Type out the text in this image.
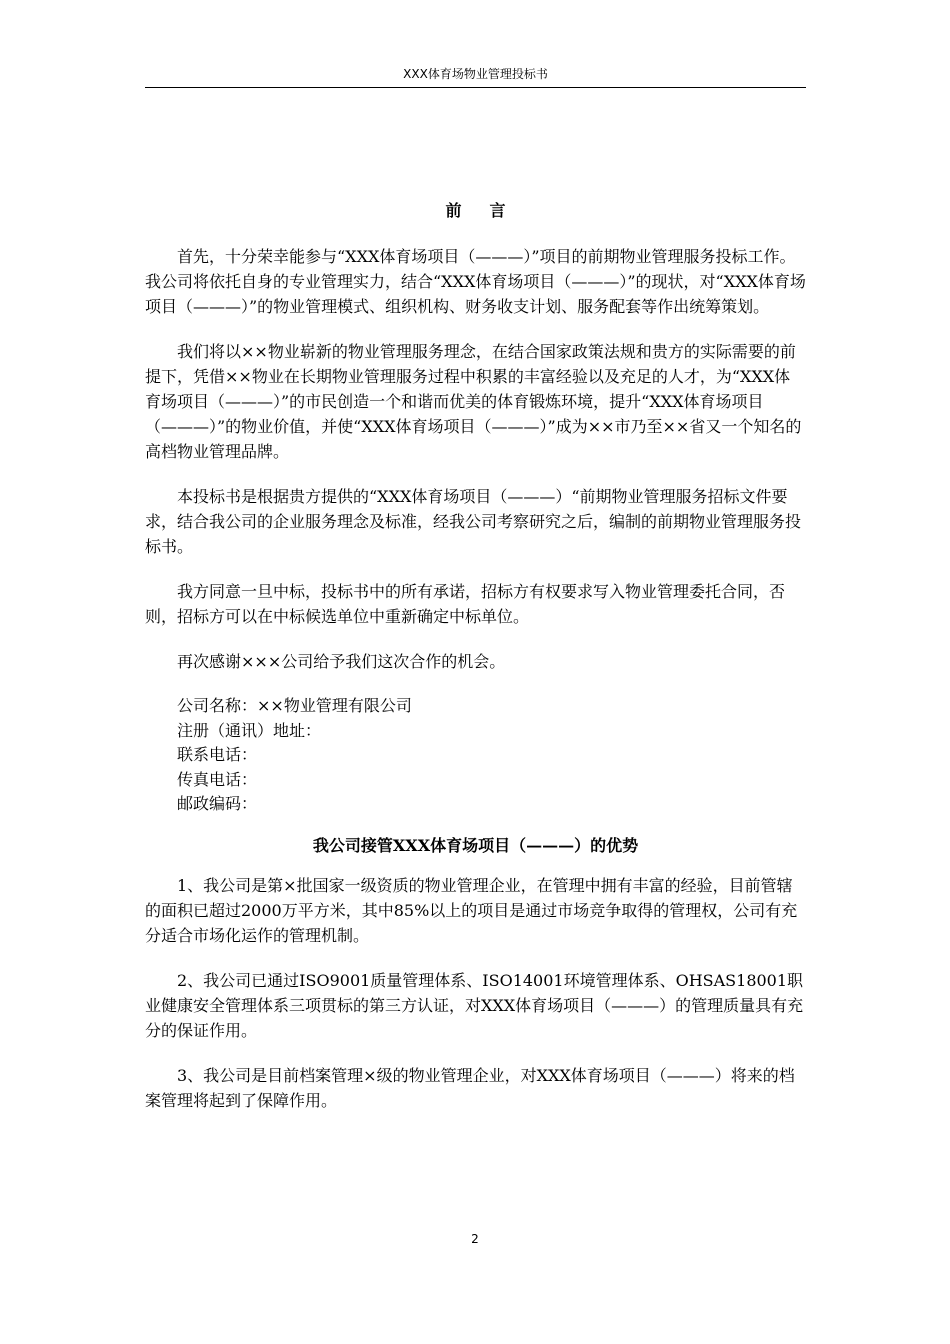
XXX体育场物业管理投标书
前言

首先，十分荣幸能参与“XXX体育场项目（———）”项目的前期物业管理服务投标工作。我公司将依托自身的专业管理实力，结合“XXX体育场项目（———）”的现状，对“XXX体育场项目（———）”的物业管理模式、组织机构、财务收支计划、服务配套等作出统筹策划。

我们将以××物业崭新的物业管理服务理念，在结合国家政策法规和贵方的实际需要的前提下，凭借××物业在长期物业管理服务过程中积累的丰富经验以及充足的人才，为“XXX体育场项目（———）”的市民创造一个和谐而优美的体育锻炼环境，提升“XXX体育场项目（———）”的物业价值，并使“XXX体育场项目（———）”成为××市乃至××省又一个知名的高档物业管理品牌。

本投标书是根据贵方提供的“XXX体育场项目（———）“前期物业管理服务招标文件要求，结合我公司的企业服务理念及标准，经我公司考察研究之后，编制的前期物业管理服务投标书。

我方同意一旦中标，投标书中的所有承诺，招标方有权要求写入物业管理委托合同，否则，招标方可以在中标候选单位中重新确定中标单位。

再次感谢×××公司给予我们这次合作的机会。

公司名称：××物业管理有限公司
注册（通讯）地址：
联系电话：
传真电话：
邮政编码：
我公司接管XXX体育场项目（———）的优势

1、我公司是第×批国家一级资质的物业管理企业，在管理中拥有丰富的经验，目前管辖的面积已超过2000万平方米，其中85%以上的项目是通过市场竞争取得的管理权，公司有充分适合市场化运作的管理机制。

2、我公司已通过ISO9001质量管理体系、ISO14001环境管理体系、OHSAS18001职业健康安全管理体系三项贯标的第三方认证，对XXX体育场项目（———）的管理质量具有充分的保证作用。

3、我公司是目前档案管理×级的物业管理企业，对XXX体育场项目（———）将来的档案管理将起到了保障作用。

2
